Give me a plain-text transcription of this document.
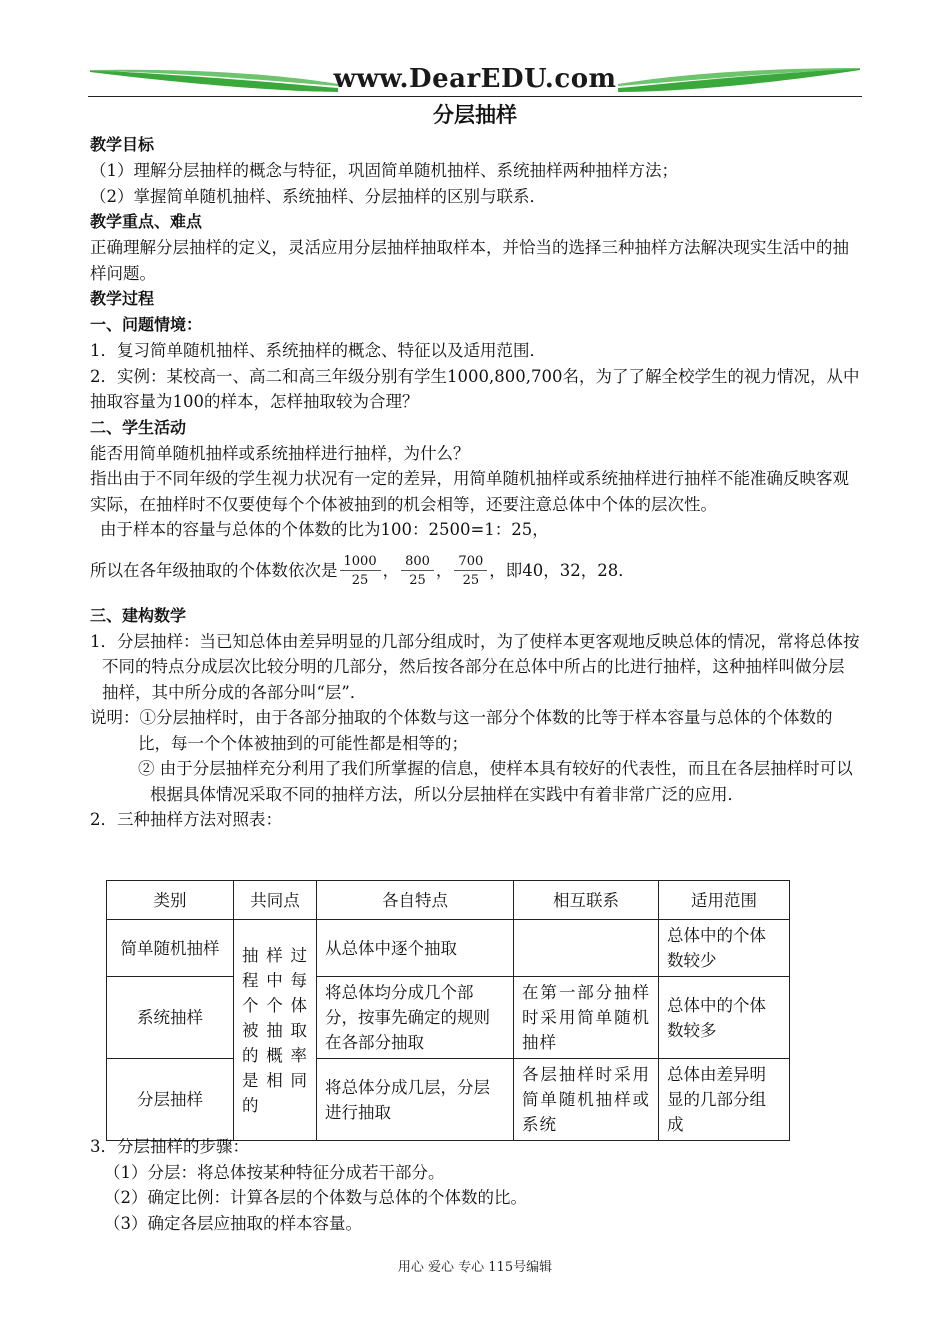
www.DearEDU.com
分层抽样
教学目标

（1）理解分层抽样的概念与特征，巩固简单随机抽样、系统抽样两种抽样方法；

（2）掌握简单随机抽样、系统抽样、分层抽样的区别与联系．

教学重点、难点

正确理解分层抽样的定义，灵活应用分层抽样抽取样本，并恰当的选择三种抽样方法解决现实生活中的抽样问题。

教学过程
一、问题情境：

1．复习简单随机抽样、系统抽样的概念、特征以及适用范围．

2．实例：某校高一、高二和高三年级分别有学生1000,800,700名，为了了解全校学生的视力情况，从中抽取容量为100的样本，怎样抽取较为合理？

二、学生活动

能否用简单随机抽样或系统抽样进行抽样，为什么？

指出由于不同年级的学生视力状况有一定的差异，用简单随机抽样或系统抽样进行抽样不能准确反映客观实际，在抽样时不仅要使每个个体被抽到的机会相等，还要注意总体中个体的层次性。

由于样本的容量与总体的个体数的比为100：2500=1：25，

所以在各年级抽取的个体数依次是 $\frac{1000}{25}$ ， $\frac{800}{25}$ ， $\frac{700}{25}$ ，即40，32，28．

三、建构数学

1．分层抽样：当已知总体由差异明显的几部分组成时，为了使样本更客观地反映总体的情况，常将总体按不同的特点分成层次比较分明的几部分，然后按各部分在总体中所占的比进行抽样，这种抽样叫做分层抽样，其中所分成的各部分叫“层”．

说明：①分层抽样时，由于各部分抽取的个体数与这一部分个体数的比等于样本容量与总体的个体数的比，每一个个体被抽到的可能性都是相等的；

② 由于分层抽样充分利用了我们所掌握的信息，使样本具有较好的代表性，而且在各层抽样时可以根据具体情况采取不同的抽样方法，所以分层抽样在实践中有着非常广泛的应用．

2．三种抽样方法对照表：

类别	共同点	各自特点	相互联系	适用范围
简单随机抽样	抽样过程中每个个体被抽取的概率是相同的	从总体中逐个抽取		总体中的个体数较少
系统抽样		将总体均分成几个部分，按事先确定的规则在各部分抽取	在第一部分抽样时采用简单随机抽样	总体中的个体数较多
分层抽样		将总体分成几层，分层进行抽取	各层抽样时采用简单随机抽样或系统	总体由差异明显的几部分组成

3．分层抽样的步骤：

（1）分层：将总体按某种特征分成若干部分。

（2）确定比例：计算各层的个体数与总体的个体数的比。

（3）确定各层应抽取的样本容量。

用心 爱心 专心 115号编辑
